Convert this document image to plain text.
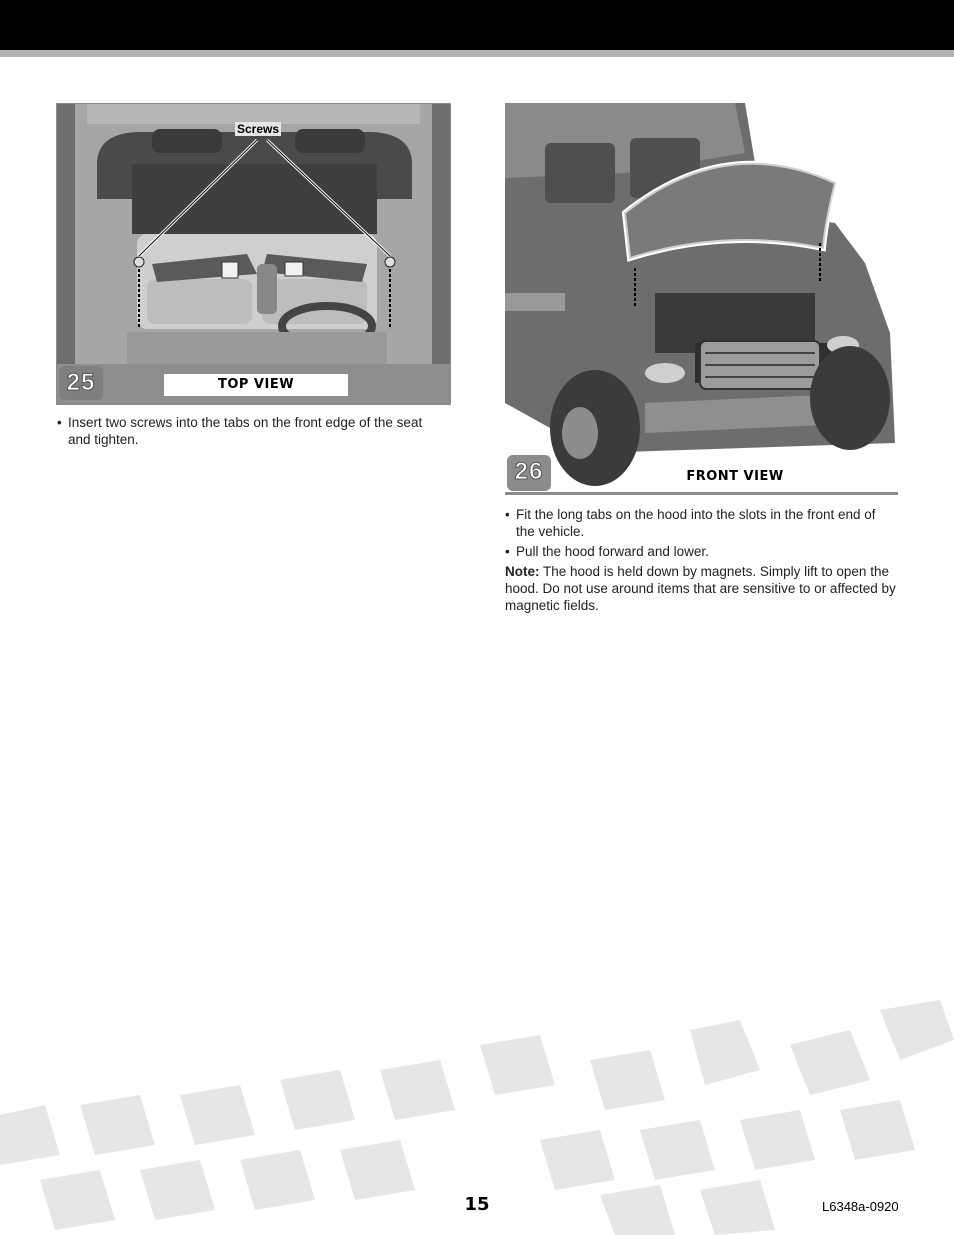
Screws
25	TOP VIEW
• Insert two screws into the tabs on the front edge of the seat and tighten.
26	FRONT VIEW
• Fit the long tabs on the hood into the slots in the front end of the vehicle.
• Pull the hood forward and lower.
Note: The hood is held down by magnets. Simply lift to open the hood. Do not use around items that are sensitive to or affected by magnetic fields.
15	L6348a-0920
